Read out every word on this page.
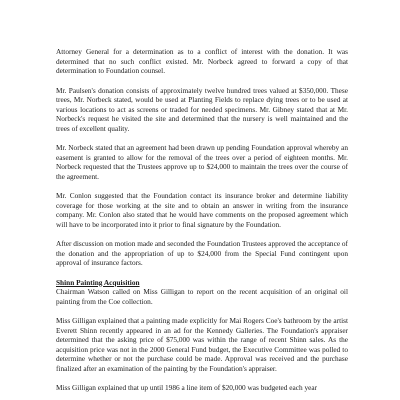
Attorney General for a determination as to a conflict of interest with the donation. It was determined that no such conflict existed. Mr. Norbeck agreed to forward a copy of that determination to Foundation counsel.

Mr. Paulsen's donation consists of approximately twelve hundred trees valued at $350,000. These trees, Mr. Norbeck stated, would be used at Planting Fields to replace dying trees or to be used at various locations to act as screens or traded for needed specimens. Mr. Gibney stated that at Mr. Norbeck's request he visited the site and determined that the nursery is well maintained and the trees of excellent quality.

Mr. Norbeck stated that an agreement had been drawn up pending Foundation approval whereby an easement is granted to allow for the removal of the trees over a period of eighteen months. Mr. Norbeck requested that the Trustees approve up to $24,000 to maintain the trees over the course of the agreement.

Mr. Conlon suggested that the Foundation contact its insurance broker and determine liability coverage for those working at the site and to obtain an answer in writing from the insurance company. Mr. Conlon also stated that he would have comments on the proposed agreement which will have to be incorporated into it prior to final signature by the Foundation.

After discussion on motion made and seconded the Foundation Trustees approved the acceptance of the donation and the appropriation of up to $24,000 from the Special Fund contingent upon approval of insurance factors.

Shinn Painting Acquisition

Chairman Watson called on Miss Gilligan to report on the recent acquisition of an original oil painting from the Coe collection.

Miss Gilligan explained that a painting made explicitly for Mai Rogers Coe's bathroom by the artist Everett Shinn recently appeared in an ad for the Kennedy Galleries. The Foundation's appraiser determined that the asking price of $75,000 was within the range of recent Shinn sales. As the acquisition price was not in the 2000 General Fund budget, the Executive Committee was polled to determine whether or not the purchase could be made. Approval was received and the purchase finalized after an examination of the painting by the Foundation's appraiser.

Miss Gilligan explained that up until 1986 a line item of $20,000 was budgeted each year
